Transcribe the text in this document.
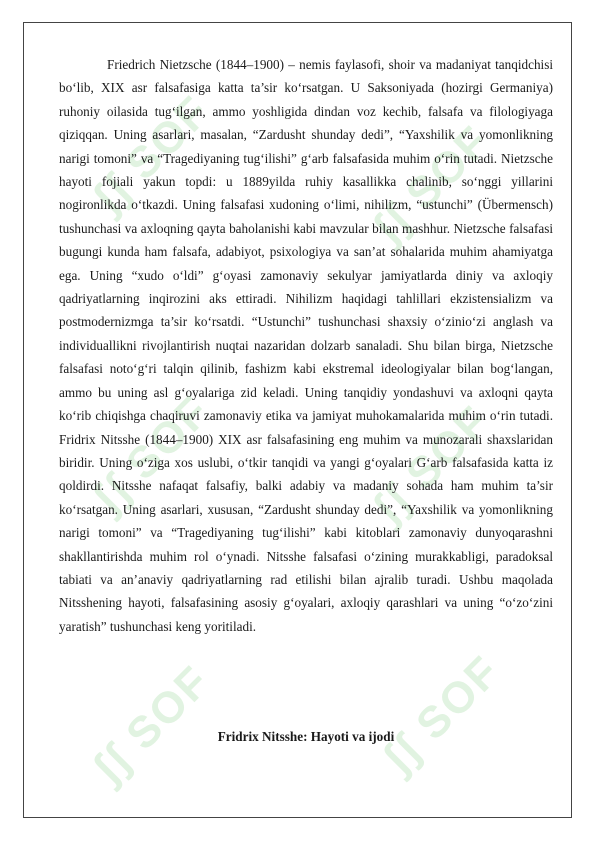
ʃʃ SOF	ʃʃ SOF
ʃʃ SOF	ʃʃ SOF
ʃʃ SOF	ʃʃ SOF

Friedrich Nietzsche (1844–1900) – nemis faylasofi, shoir va madaniyat tanqidchisi bo‘lib, XIX asr falsafasiga katta ta’sir ko‘rsatgan. U Saksoniyada (hozirgi Germaniya) ruhoniy oilasida tug‘ilgan, ammo yoshligida dindan voz kechib, falsafa va filologiyaga qiziqqan. Uning asarlari, masalan, “Zardusht shunday dedi”, “Yaxshilik va yomonlikning narigi tomoni” va “Tragediyaning tug‘ilishi” g‘arb falsafasida muhim o‘rin tutadi. Nietzsche hayoti fojiali yakun topdi: u 1889yilda ruhiy kasallikka chalinib, so‘nggi yillarini nogironlikda o‘tkazdi. Uning falsafasi xudoning o‘limi, nihilizm, “ustunchi” (Übermensch) tushunchasi va axloqning qayta baholanishi kabi mavzular bilan mashhur. Nietzsche falsafasi bugungi kunda ham falsafa, adabiyot, psixologiya va san’at sohalarida muhim ahamiyatga ega. Uning “xudo o‘ldi” g‘oyasi zamonaviy sekulyar jamiyatlarda diniy va axloqiy qadriyatlarning inqirozini aks ettiradi. Nihilizm haqidagi tahlillari ekzistensializm va postmodernizmga ta’sir ko‘rsatdi. “Ustunchi” tushunchasi shaxsiy o‘zinio‘zi anglash va individuallikni rivojlantirish nuqtai nazaridan dolzarb sanaladi. Shu bilan birga, Nietzsche falsafasi noto‘g‘ri talqin qilinib, fashizm kabi ekstremal ideologiyalar bilan bog‘langan, ammo bu uning asl g‘oyalariga zid keladi. Uning tanqidiy yondashuvi va axloqni qayta ko‘rib chiqishga chaqiruvi zamonaviy etika va jamiyat muhokamalarida muhim o‘rin tutadi. Fridrix Nitsshe (1844–1900) XIX asr falsafasining eng muhim va munozarali shaxslaridan biridir. Uning o‘ziga xos uslubi, o‘tkir tanqidi va yangi g‘oyalari G‘arb falsafasida katta iz qoldirdi. Nitsshe nafaqat falsafiy, balki adabiy va madaniy sohada ham muhim ta’sir ko‘rsatgan. Uning asarlari, xususan, “Zardusht shunday dedi”, “Yaxshilik va yomonlikning narigi tomoni” va “Tragediyaning tug‘ilishi” kabi kitoblari zamonaviy dunyoqarashni shakllantirishda muhim rol o‘ynadi. Nitsshe falsafasi o‘zining murakkabligi, paradoksal tabiati va an’anaviy qadriyatlarning rad etilishi bilan ajralib turadi. Ushbu maqolada Nitsshening hayoti, falsafasining asosiy g‘oyalari, axloqiy qarashlari va uning “o‘zo‘zini yaratish” tushunchasi keng yoritiladi.

Fridrix Nitsshe: Hayoti va ijodi
